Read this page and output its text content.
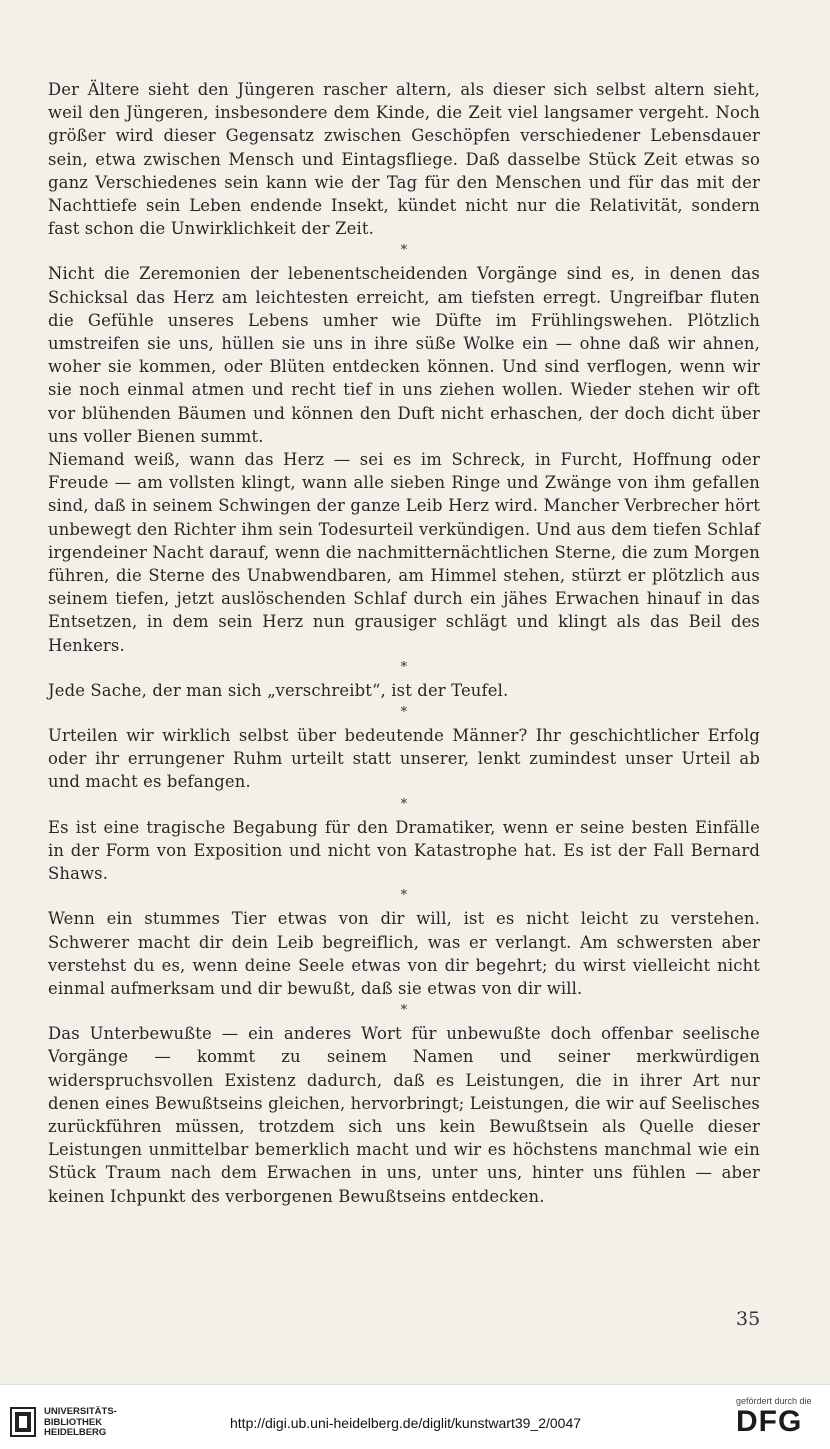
Der Ältere sieht den Jüngeren rascher altern, als dieser sich selbst altern sieht, weil den Jüngeren, insbesondere dem Kinde, die Zeit viel langsamer vergeht. Noch größer wird dieser Gegensatz zwischen Geschöpfen verschiedener Lebensdauer sein, etwa zwischen Mensch und Eintagsfliege. Daß dasselbe Stück Zeit etwas so ganz Verschiedenes sein kann wie der Tag für den Menschen und für das mit der Nachttiefe sein Leben endende Insekt, kündet nicht nur die Relativität, sondern fast schon die Unwirklichkeit der Zeit.

*

Nicht die Zeremonien der lebenentscheidenden Vorgänge sind es, in denen das Schicksal das Herz am leichtesten erreicht, am tiefsten erregt. Ungreifbar fluten die Gefühle unseres Lebens umher wie Düfte im Frühlingswehen. Plötzlich umstreifen sie uns, hüllen sie uns in ihre süße Wolke ein — ohne daß wir ahnen, woher sie kommen, oder Blüten entdecken können. Und sind verflogen, wenn wir sie noch einmal atmen und recht tief in uns ziehen wollen. Wieder stehen wir oft vor blühenden Bäumen und können den Duft nicht erhaschen, der doch dicht über uns voller Bienen summt.

Niemand weiß, wann das Herz — sei es im Schreck, in Furcht, Hoffnung oder Freude — am vollsten klingt, wann alle sieben Ringe und Zwänge von ihm gefallen sind, daß in seinem Schwingen der ganze Leib Herz wird. Mancher Verbrecher hört unbewegt den Richter ihm sein Todesurteil verkündigen. Und aus dem tiefen Schlaf irgendeiner Nacht darauf, wenn die nachmitternächtlichen Sterne, die zum Morgen führen, die Sterne des Unabwendbaren, am Himmel stehen, stürzt er plötzlich aus seinem tiefen, jetzt auslöschenden Schlaf durch ein jähes Erwachen hinauf in das Entsetzen, in dem sein Herz nun grausiger schlägt und klingt als das Beil des Henkers.

*

Jede Sache, der man sich „verschreibt“, ist der Teufel.

*

Urteilen wir wirklich selbst über bedeutende Männer? Ihr geschichtlicher Erfolg oder ihr errungener Ruhm urteilt statt unserer, lenkt zumindest unser Urteil ab und macht es befangen.

*

Es ist eine tragische Begabung für den Dramatiker, wenn er seine besten Einfälle in der Form von Exposition und nicht von Katastrophe hat. Es ist der Fall Bernard Shaws.

*

Wenn ein stummes Tier etwas von dir will, ist es nicht leicht zu verstehen. Schwerer macht dir dein Leib begreiflich, was er verlangt. Am schwersten aber verstehst du es, wenn deine Seele etwas von dir begehrt; du wirst vielleicht nicht einmal aufmerksam und dir bewußt, daß sie etwas von dir will.

*

Das Unterbewußte — ein anderes Wort für unbewußte doch offenbar seelische Vorgänge — kommt zu seinem Namen und seiner merkwürdigen widerspruchsvollen Existenz dadurch, daß es Leistungen, die in ihrer Art nur denen eines Bewußtseins gleichen, hervorbringt; Leistungen, die wir auf Seelisches zurückführen müssen, trotzdem sich uns kein Bewußtsein als Quelle dieser Leistungen unmittelbar bemerklich macht und wir es höchstens manchmal wie ein Stück Traum nach dem Erwachen in uns, unter uns, hinter uns fühlen — aber keinen Ichpunkt des verborgenen Bewußtseins entdecken.

35
UNIVERSITÄTS-
BIBLIOTHEK
HEIDELBERG
http://digi.ub.uni-heidelberg.de/diglit/kunstwart39_2/0047
gefördert durch die
DFG
